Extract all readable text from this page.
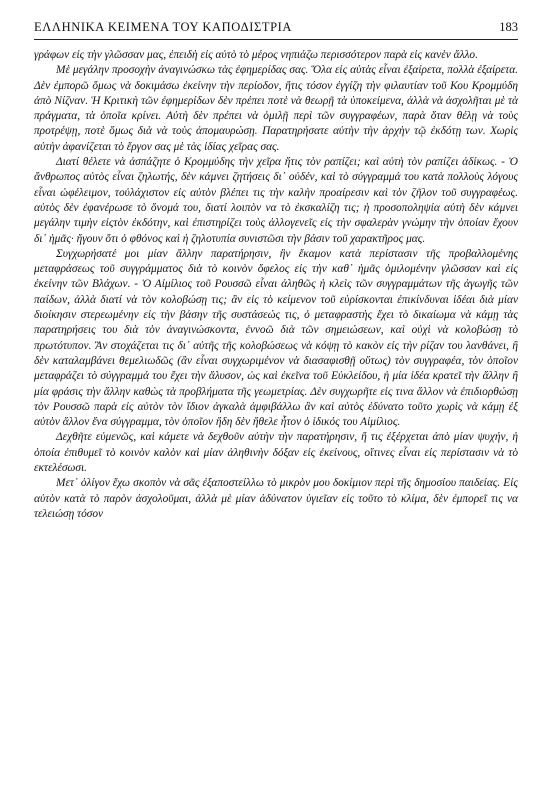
ΕΛΛΗΝΙΚΑ ΚΕΙΜΕΝΑ ΤΟΥ ΚΑΠΟΔΙΣΤΡΙΑ	183

γράφων εἰς τὴν γλῶσσαν μας, ἐπειδὴ εἰς αὐτὸ τὸ μέρος νηπιάζω περισσότερον παρὰ εἰς κανὲν ἄλλο.

Μὲ μεγάλην προσοχὴν ἀναγινώσκω τὰς ἐφημερίδας σας. Ὅλα εἰς αὐτὰς εἶναι ἐξαίρετα, πολλὰ ἐξαίρετα. Δὲν ἐμπορῶ ὅμως νὰ δοκιμάσω ἐκείνην τὴν περίοδον, ἥτις τόσον ἐγγίζη τὴν φιλαυτίαν τοῦ Κου Κρομμύδη ἀπὸ Νίζναν. Ἡ Κριτικὴ τῶν ἐφημερίδων δὲν πρέπει ποτὲ νὰ θεωρῇ τὰ ὑποκείμενα, ἀλλὰ νὰ ἀσχολῆται μὲ τὰ πράγματα, τὰ ὁποῖα κρίνει. Αὐτὴ δὲν πρέπει νὰ ὁμιλῇ περὶ τῶν συγγραφέων, παρὰ ὅταν θέλῃ νὰ τοὺς προτρέψῃ, ποτὲ ὅμως διὰ νὰ τοὺς ἀπομαυρώσῃ. Παρατηρήσατε αὐτὴν τὴν ἀρχὴν τῷ ἐκδότῃ των. Χωρὶς αὐτὴν ἀφανίζεται τὸ ἔργον σας μὲ τὰς ἰδίας χεῖρας σας.

Διατί θέλετε νὰ ἀσπάζητε ὁ Κρομμύδης τὴν χεῖρα ἥτις τὸν ραπίζει; καὶ αὐτὴ τὸν ραπίζει ἀδίκως. - Ὁ ἄνθρωπος αὐτὸς εἶναι ζηλωτής, δὲν κάμνει ζητήσεις δι᾽ οὐδέν, καὶ τὸ σύγγραμμά του κατὰ πολλοὺς λόγους εἶναι ὠφέλειμον, τοὐλάχιστον εἰς αὐτὸν βλέπει τις τὴν καλὴν προαίρεσιν καὶ τὸν ζῆλον τοῦ συγγραφέως. αὐτὸς δὲν ἐφανέρωσε τὸ ὄνομά του, διατί λοιπὸν να τὸ ἐκσκαλίζη τις; ἡ προσοποληψία αὐτὴ δὲν κάμνει μεγάλην τιμὴν εἰςτὸν ἐκδότην, καὶ ἐπιστηρίζει τοὺς ἀλλογενεῖς εἰς τὴν σφαλερὰν γνώμην τὴν ὁποίαν ἔχουν δι᾽ ἡμᾶς· ἤγουν ὅτι ὁ φθόνος καὶ ἡ ζηλοτυπία συνιστῶσι τὴν βάσιν τοῦ χαρακτῆρος μας.

Συγχωρήσατέ μοι μίαν ἄλλην παρατήρησιν, ἣν ἔκαμον κατὰ περίστασιν τῆς προβαλλομένης μεταφράσεως τοῦ συγγράμματος διὰ τὸ κοινὸν ὄφελος εἰς τὴν καθ᾽ ἡμᾶς ὁμιλομένην γλῶσσαν καὶ εἰς ἐκείνην τῶν Βλάχων. - Ὁ Αἰμίλιος τοῦ Ρουσσῶ εἶναι ἀληθῶς ἡ κλεὶς τῶν συγγραμμάτων τῆς ἀγωγῆς τῶν παίδων, ἀλλὰ διατί νὰ τὸν κολοβώσῃ τις; ἂν εἰς τὸ κείμενον τοῦ εὑρίσκονται ἐπικίνδυναι ἰδέαι διὰ μίαν διοίκησιν στερεωμένην εἰς τὴν βάσην τῆς συστάσεώς τις, ὁ μεταφραστὴς ἔχει τὸ δικαίωμα νὰ κάμῃ τὰς παρατηρήσεις του διὰ τὸν ἀναγινώσκοντα, ἐννοῶ διὰ τῶν σημειώσεων, καὶ οὐχὶ νὰ κολοβώσῃ τὸ πρωτότυπον. Ἂν στοχάζεται τις δι᾽ αὐτῆς τῆς κολοβώσεως νὰ κόψῃ τὸ κακὸν εἰς τὴν ρίζαν του λανθάνει, ἢ δὲν καταλαμβάνει θεμελιωδῶς (ἂν εἶναι συγχωριμένον νὰ διασαφισθῇ οὕτως) τὸν συγγραφέα, τὸν ὁποῖον μεταφράζει τὸ σύγγραμμά του ἔχει τὴν ἅλυσον, ὡς καὶ ἐκεῖνα τοῦ Εὐκλείδου, ἡ μία ἰδέα κρατεῖ τὴν ἄλλην ἢ μία φράσις τὴν ἄλλην καθὼς τὰ προβλήματα τῆς γεωμετρίας. Δὲν συγχωρῆτε εἰς τινα ἄλλον νὰ ἐπιδιορθώσῃ τὸν Ρουσσῶ παρὰ εἰς αὐτὸν τὸν ἴδιον ἀγκαλὰ ἀμφιβάλλω ἂν καὶ αὐτὸς ἐδύνατο τοῦτο χωρὶς νὰ κάμῃ ἐξ αὐτὸν ἄλλον ἕνα σύγγραμμα, τὸν ὁποῖον ἤδη δὲν ἤθελε ἦτον ὁ ἰδικός του Αἰμίλιος.

Δεχθῆτε εὐμενῶς, καὶ κάμετε νὰ δεχθοῦν αὐτὴν τὴν παρατήρησιν, ἥ τις ἐξέρχεται ἀπὸ μίαν ψυχήν, ἡ ὁποία ἐπιθυμεῖ τὸ κοινὸν καλὸν καὶ μίαν ἀληθινὴν δόξαν εἰς ἐκείνους, οἵτινες εἶναι εἰς περίστασιν νὰ τὸ εκτελέσωσι.

Μετ᾽ ὀλίγον ἔχω σκοπὸν νὰ σᾶς ἐξαποστείλλω τὸ μικρὸν μου δοκίμιον περὶ τῆς δημοσίου παιδείας. Εἰς αὐτὸν κατὰ τὸ παρὸν ἀσχολοῦμαι, ἀλλὰ μὲ μίαν ἀδύνατον ὑγιεῖαν εἰς τοῦτο τὸ κλίμα, δὲν ἐμπορεῖ τις να τελειώσῃ τόσον
